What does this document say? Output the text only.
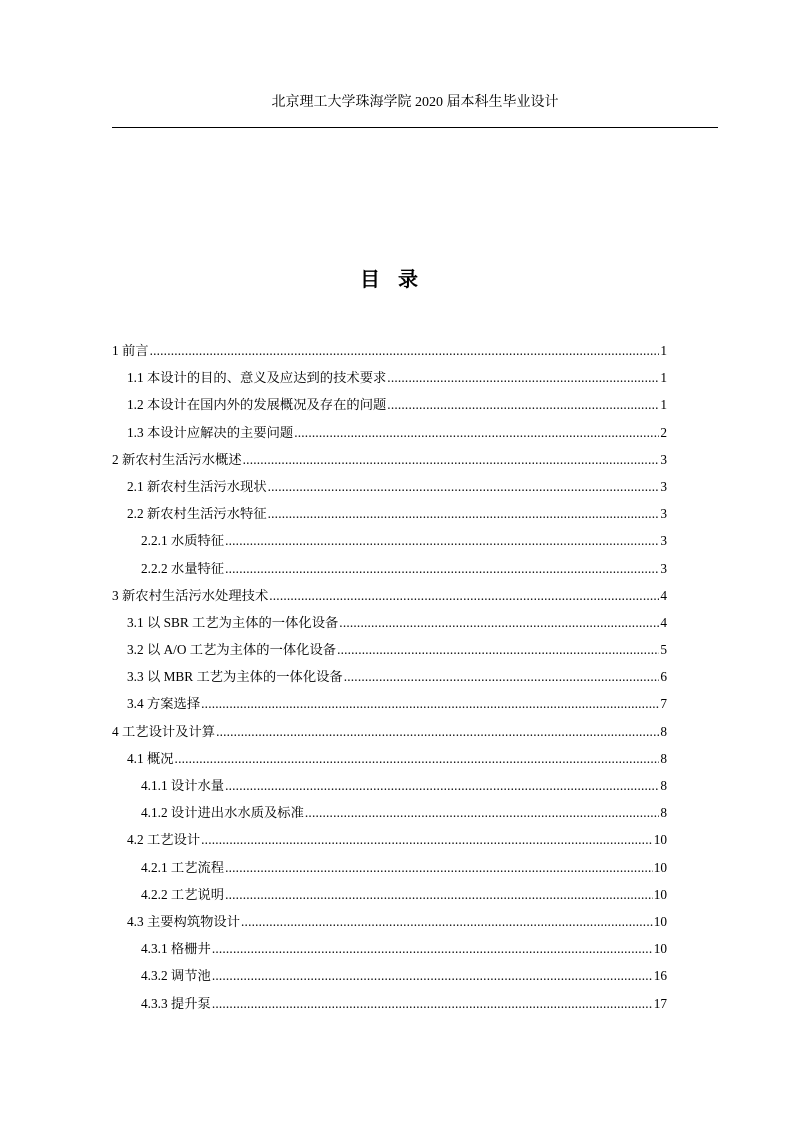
北京理工大学珠海学院 2020 届本科生毕业设计
目录
1 前言 .....	1
1.1 本设计的目的、意义及应达到的技术要求 .....	1
1.2 本设计在国内外的发展概况及存在的问题 .....	1
1.3 本设计应解决的主要问题 .....	2
2 新农村生活污水概述 .....	3
2.1 新农村生活污水现状 .....	3
2.2 新农村生活污水特征 .....	3
2.2.1 水质特征 .....	3
2.2.2 水量特征 .....	3
3 新农村生活污水处理技术 .....	4
3.1 以 SBR 工艺为主体的一体化设备 .....	4
3.2 以 A/O 工艺为主体的一体化设备 .....	5
3.3 以 MBR 工艺为主体的一体化设备 .....	6
3.4 方案选择 .....	7
4 工艺设计及计算 .....	8
4.1 概况 .....	8
4.1.1 设计水量 .....	8
4.1.2 设计进出水水质及标准 .....	8
4.2 工艺设计 .....	10
4.2.1 工艺流程 .....	10
4.2.2 工艺说明 .....	10
4.3 主要构筑物设计 .....	10
4.3.1 格栅井 .....	10
4.3.2 调节池 .....	16
4.3.3 提升泵 .....	17
